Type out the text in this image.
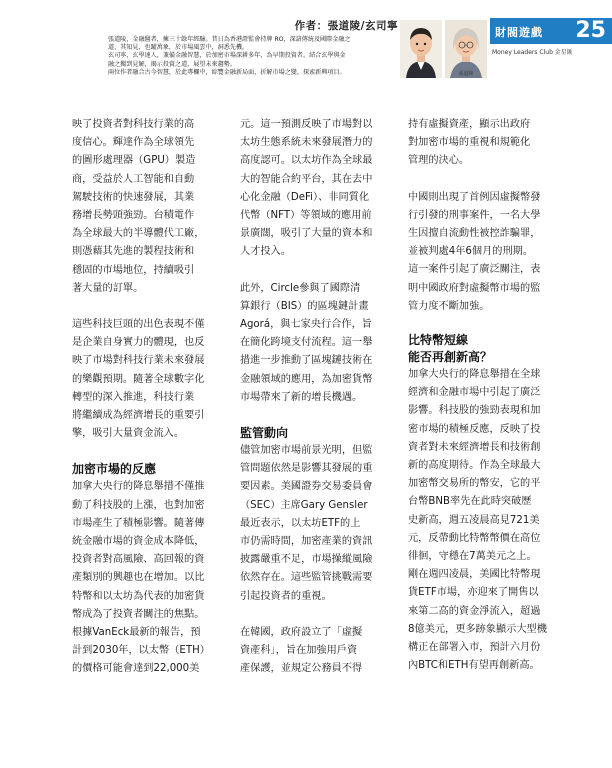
作者：張道陵/玄司寧
張道陵，金融醫者，擁三十餘年經驗。昔日為香港證監會持牌 RO，深諳傳統及國際金融之
道，其知見，也躍萬象，於市場風雲中，洞悉先機。
玄司寧，玄學達人，兼備金融智慧，於加密市場深耕多年，為早期投資者。結合玄學與金
融之獨到見解，揭示投資之道，展望未來趨勢。
兩位作者融合古今智慧，於此專欄中，綜覽金融新局面，折解市場之變，探索新興項目。	玄司寧	張道陵
財閥遊戲 25
Money Leaders Club 金星匯

映了投資者對科技行業的高
度信心。輝達作為全球領先
的圖形處理器（GPU）製造
商，受益於人工智能和自動
駕駛技術的快速發展，其業
務增長勢頭強勁。台積電作
為全球最大的半導體代工廠，
則憑藉其先進的製程技術和
穩固的市場地位，持續吸引
著大量的訂單。

這些科技巨頭的出色表現不僅
是企業自身實力的體現，也反
映了市場對科技行業未來發展
的樂觀預期。隨著全球數字化
轉型的深入推進，科技行業
將繼續成為經濟增長的重要引
擎，吸引大量資金流入。

加密市場的反應

加拿大央行的降息舉措不僅推
動了科技股的上漲，也對加密
市場產生了積極影響。隨著傳
統金融市場的資金成本降低，
投資者對高風險、高回報的資
產類別的興趣也在增加。以比
特幣和以太坊為代表的加密貨
幣成為了投資者關注的焦點。
根據VanEck最新的報告，預
計到2030年，以太幣（ETH）
的價格可能會達到22,000美

元。這一預測反映了市場對以
太坊生態系統未來發展潛力的
高度認可。以太坊作為全球最
大的智能合約平台，其在去中
心化金融（DeFi）、非同質化
代幣（NFT）等領域的應用前
景廣闊，吸引了大量的資本和
人才投入。

此外，Circle參與了國際清
算銀行（BIS）的區塊鏈計畫
Agorá，與七家央行合作，旨
在簡化跨境支付流程。這一舉
措進一步推動了區塊鏈技術在
金融領域的應用，為加密貨幣
市場帶來了新的增長機遇。

監管動向

儘管加密市場前景光明，但監
管問題依然是影響其發展的重
要因素。美國證券交易委員會
（SEC）主席Gary Gensler
最近表示，以太坊ETF的上
市仍需時間，加密產業的資訊
披露嚴重不足，市場操縱風險
依然存在。這些監管挑戰需要
引起投資者的重視。

在韓國，政府設立了「虛擬
資產科」，旨在加強用戶資
產保護，並規定公務員不得

持有虛擬資產，顯示出政府
對加密市場的重視和規範化
管理的決心。

中國則出現了首例因虛擬幣發
行引發的刑事案件，一名大學
生因擅自流動性被控詐騙罪，
並被判處4年6個月的刑期。
這一案件引起了廣泛關注，表
明中國政府對虛擬幣市場的監
管力度不斷加強。

比特幣短線
能否再創新高？

加拿大央行的降息舉措在全球
經濟和金融市場中引起了廣泛
影響。科技股的強勁表現和加
密市場的積極反應，反映了投
資者對未來經濟增長和技術創
新的高度期待。作為全球最大
加密幣交易所的幣安，它的平
台幣BNB率先在此時突破歷
史新高，週五凌晨高見721美
元，反帶動比特幣幣價在高位
徘徊，守穩在7萬美元之上。
剛在週四凌晨，美國比特幣現
貨ETF市場，亦迎來了開售以
來第二高的資金淨流入，超過
8億美元，更多跡象顯示大型機
構正在部署入市，預計六月份
內BTC和ETH有望再創新高。
